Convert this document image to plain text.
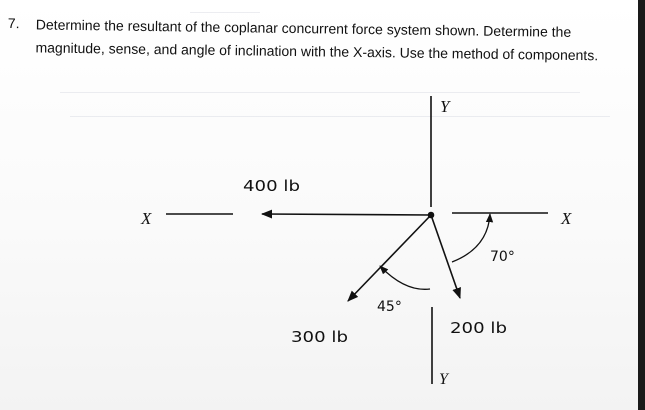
7. Determine the resultant of the coplanar concurrent force system shown. Determine the
magnitude, sense, and angle of inclination with the X-axis. Use the method of components.
400 lb
300 lb	200 lb
45°
70°
X	X
Y
Y
